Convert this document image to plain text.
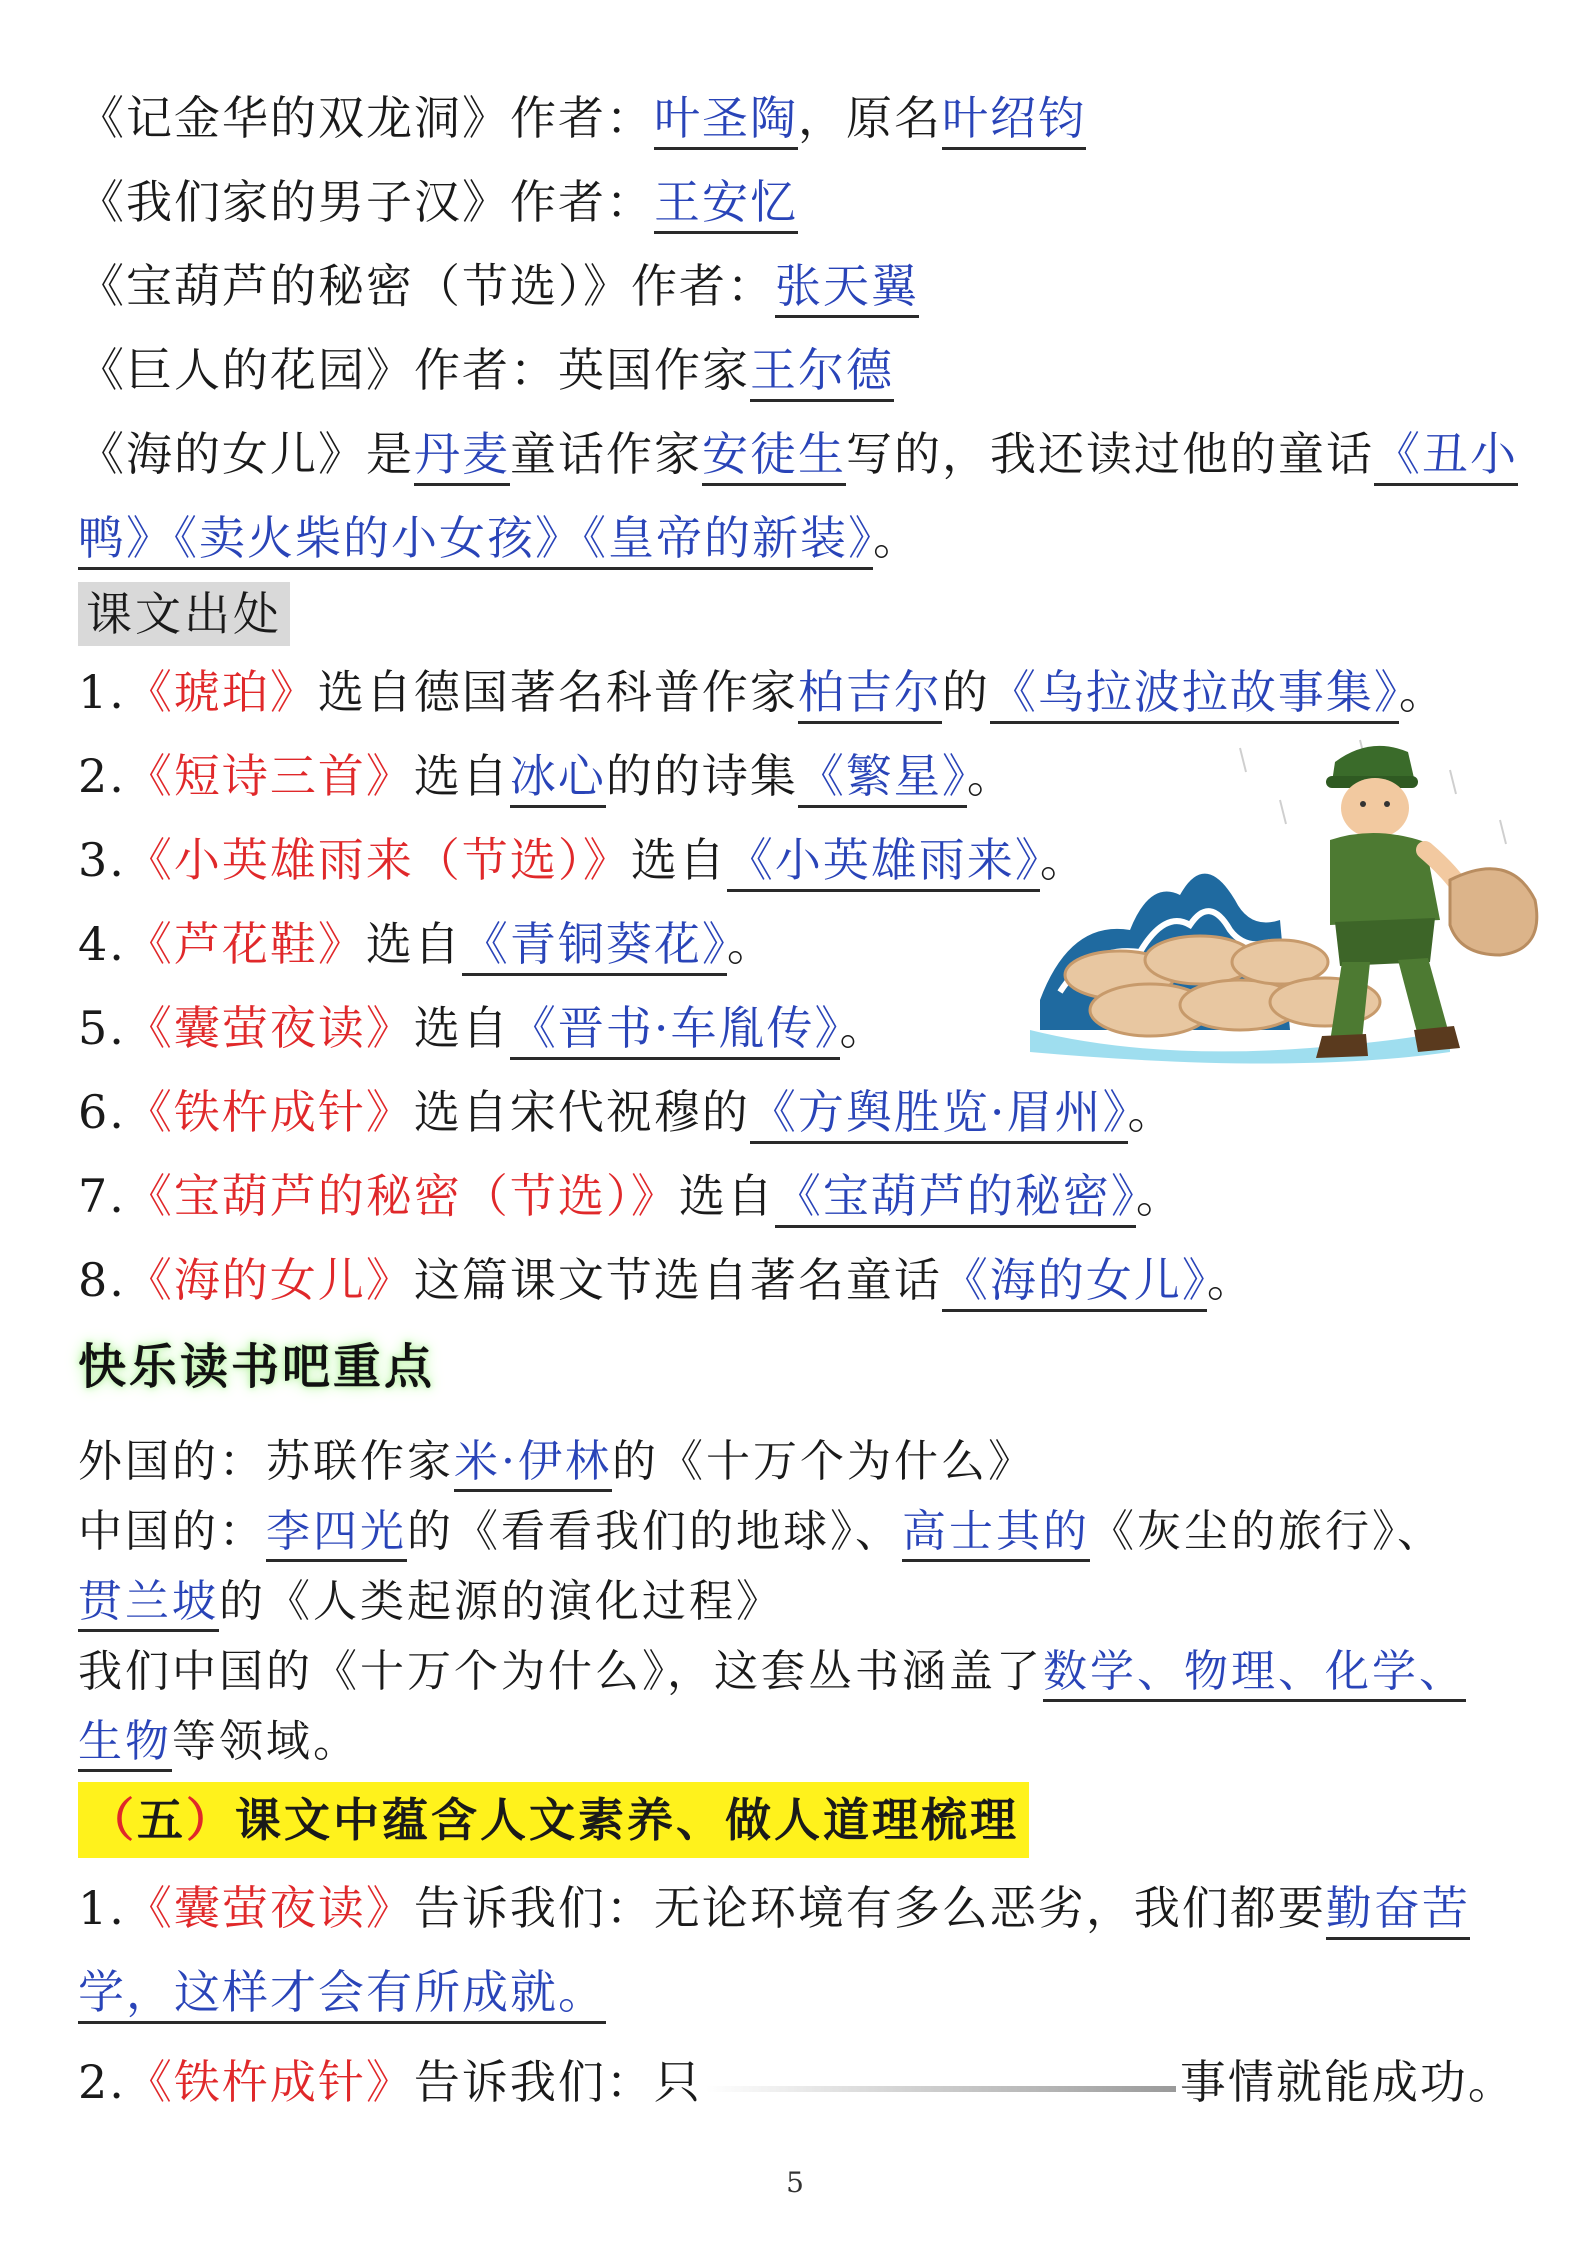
《记金华的双龙洞》作者：叶圣陶，原名叶绍钧
《我们家的男子汉》作者：王安忆
《宝葫芦的秘密（节选）》作者：张天翼
《巨人的花园》作者：英国作家王尔德
《海的女儿》是丹麦童话作家安徒生写的，我还读过他的童话《丑小
鸭》《卖火柴的小女孩》《皇帝的新装》。
课文出处
1.《琥珀》选自德国著名科普作家柏吉尔的《乌拉波拉故事集》。
2.《短诗三首》选自冰心的的诗集《繁星》。
3.《小英雄雨来（节选）》选自《小英雄雨来》。
4.《芦花鞋》选自《青铜葵花》。
5.《囊萤夜读》选自《晋书·车胤传》。
6.《铁杵成针》选自宋代祝穆的《方舆胜览·眉州》。
7.《宝葫芦的秘密（节选）》选自《宝葫芦的秘密》。
8.《海的女儿》这篇课文节选自著名童话《海的女儿》。
快乐读书吧重点
外国的：苏联作家米·伊林的《十万个为什么》
中国的：李四光的《看看我们的地球》、高士其的《灰尘的旅行》、
贯兰坡的《人类起源的演化过程》
我们中国的《十万个为什么》，这套丛书涵盖了数学、物理、化学、
生物等领域。
（五）课文中蕴含人文素养、做人道理梳理
1.《囊萤夜读》告诉我们：无论环境有多么恶劣，我们都要勤奋苦
学，这样才会有所成就。
2.《铁杵成针》告诉我们：只	事情就能成功。
5
